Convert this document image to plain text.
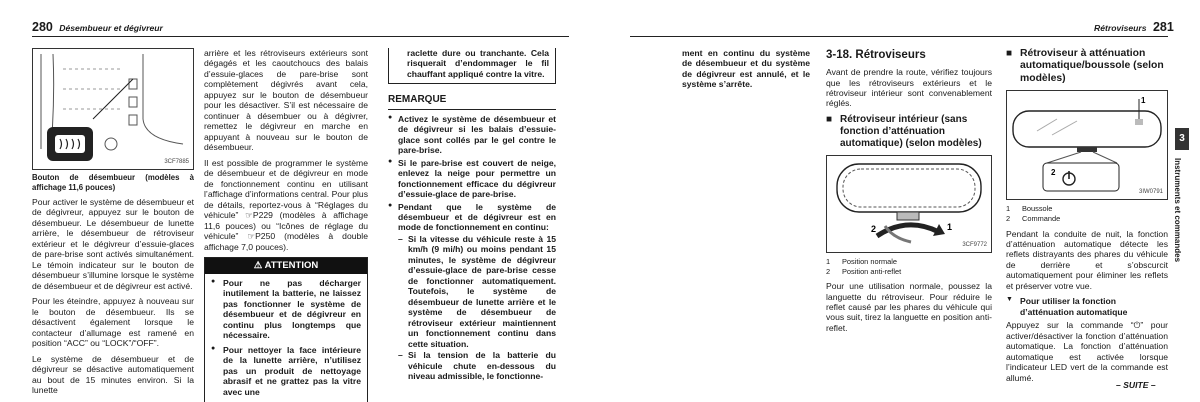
280 Désembueur et dégivreur	Rétroviseurs 281
3CF7885

Bouton de désembueur (modèles à affichage 11,6 pouces)

Pour activer le système de désembueur et de dégivreur, appuyez sur le bouton de désembueur. Le désembueur de lunette arrière, le désembueur de rétroviseur extérieur et le dégivreur d’essuie-glaces de pare-brise sont activés simultanément. Le témoin indicateur sur le bouton de désembueur s’illumine lorsque le système de désembueur et de dégivreur est activé.

Pour les éteindre, appuyez à nouveau sur le bouton de désembueur. Ils se désactivent également lorsque le contacteur d’allumage est ramené en position “ACC” ou “LOCK”/“OFF”.

Le système de désembueur et de dégivreur se désactive automatiquement au bout de 15 minutes environ. Si la lunette

arrière et les rétroviseurs extérieurs sont dégagés et les caoutchoucs des balais d’essuie-glaces de pare-brise sont complètement dégivrés avant cela, appuyez sur le bouton de désembueur pour les désactiver. S’il est nécessaire de continuer à désembuer ou à dégivrer, remettez le dégivreur en marche en appuyant à nouveau sur le bouton de désembueur.

Il est possible de programmer le système de désembueur et de dégivreur en mode de fonctionnement continu en utilisant l’affichage d’informations central. Pour plus de détails, reportez-vous à “Réglages du véhicule” ☞P229 (modèles à affichage 11,6 pouces) ou “Icônes de réglage du véhicule” ☞P250 (modèles à double affichage 7,0 pouces).

⚠ ATTENTION
● Pour ne pas décharger inutilement la batterie, ne laissez pas fonctionner le système de désembueur et de dégivreur en continu plus longtemps que nécessaire.
● Pour nettoyer la face intérieure de la lunette arrière, n’utilisez pas un produit de nettoyage abrasif et ne grattez pas la vitre avec une

raclette dure ou tranchante. Cela risquerait d’endommager le fil chauffant appliqué contre la vitre.

REMARQUE
● Activez le système de désembueur et de dégivreur si les balais d’essuie-glace sont collés par le gel contre le pare-brise.
● Si le pare-brise est couvert de neige, enlevez la neige pour permettre un fonctionnement efficace du dégivreur d’essuie-glace de pare-brise.
● Pendant que le système de désembueur et de dégivreur est en mode de fonctionnement en continu:
– Si la vitesse du véhicule reste à 15 km/h (9 mi/h) ou moins pendant 15 minutes, le système de dégivreur d’essuie-glace de pare-brise cesse de fonctionner automatiquement. Toutefois, le système de désembueur de lunette arrière et le système de désembueur de rétroviseur extérieur maintiennent un fonctionnement continu dans cette situation.
– Si la tension de la batterie du véhicule chute en-dessous du niveau admissible, le fonctionne-

ment en continu du système de désembueur et du système de dégivreur est annulé, et le système s’arrête.

3-18. Rétroviseurs

Avant de prendre la route, vérifiez toujours que les rétroviseurs extérieurs et le rétroviseur intérieur sont convenablement réglés.

■ Rétroviseur intérieur (sans fonction d’atténuation automatique) (selon modèles)
2	1
3CF9772
1	Position normale
2	Position anti-reflet

Pour une utilisation normale, poussez la languette du rétroviseur. Pour réduire le reflet causé par les phares du véhicule qui vous suit, tirez la languette en position anti-reflet.

■ Rétroviseur à atténuation automatique/boussole (selon modèles)
1
2
3IW0791
1	Boussole
2	Commande

Pendant la conduite de nuit, la fonction d’atténuation automatique détecte les reflets distrayants des phares du véhicule de derrière et s’obscurcit automatiquement pour éliminer les reflets et préserver votre vue.

▼ Pour utiliser la fonction d’atténuation automatique

Appuyez sur la commande “⏻” pour activer/désactiver la fonction d’atténuation automatique. La fonction d’atténuation automatique est activée lorsque l’indicateur LED vert de la commande est allumé.

3
Instruments et commandes
– SUITE –
